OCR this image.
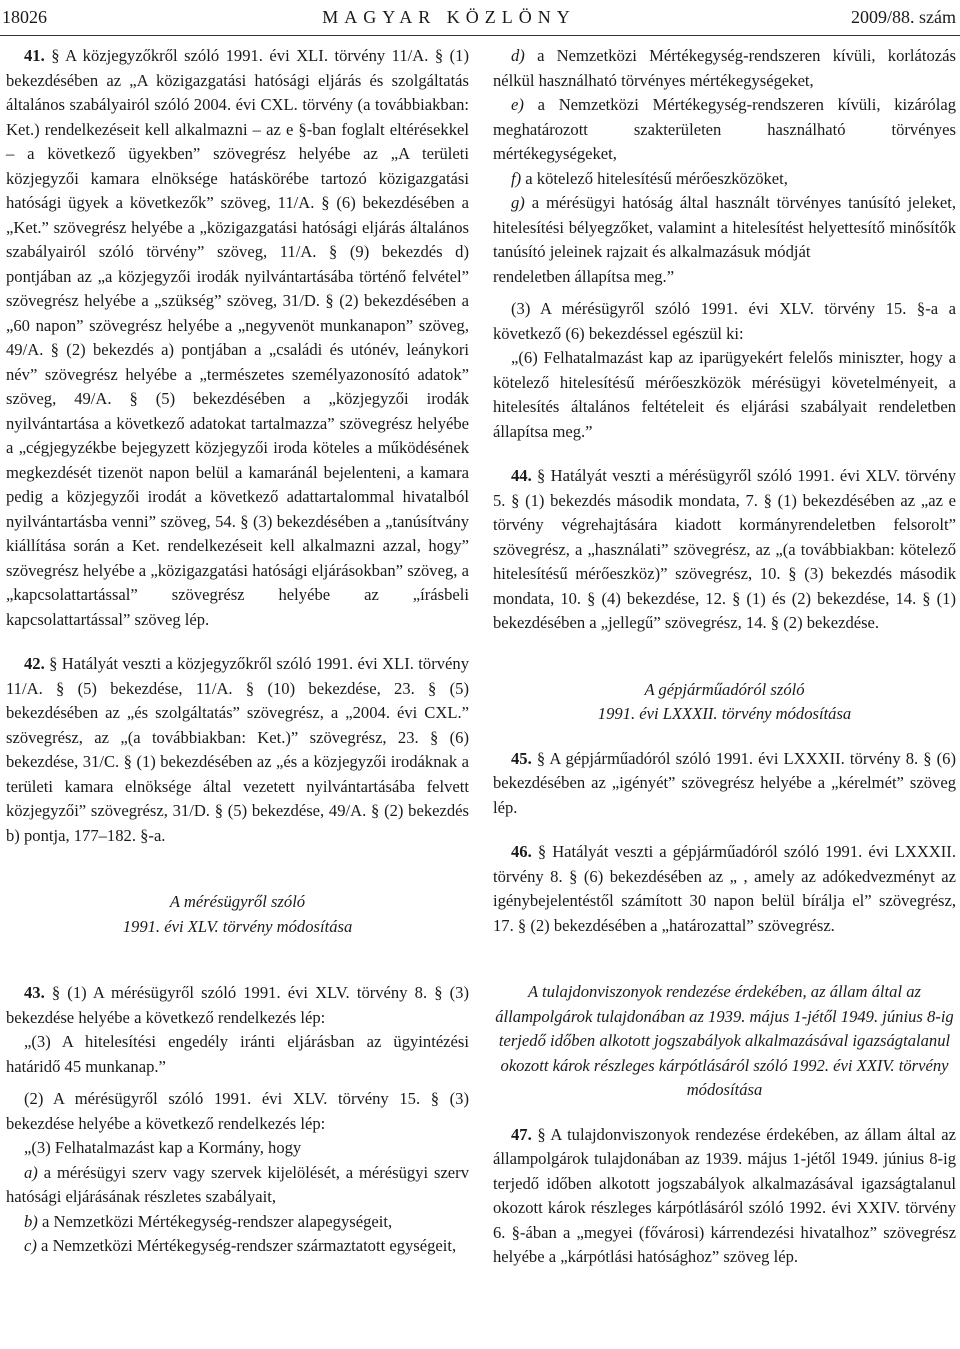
18026	MAGYAR KÖZLÖNY	2009/88. szám

41. § A közjegyzőkről szóló 1991. évi XLI. törvény 11/A. § (1) bekezdésében az „A közigazgatási hatósági eljárás és szolgáltatás általános szabályairól szóló 2004. évi CXL. törvény (a továbbiakban: Ket.) rendelkezéseit kell alkalmazni – az e §-ban foglalt eltérésekkel – a következő ügyekben” szövegrész helyébe az „A területi közjegyzői kamara elnöksége hatáskörébe tartozó közigazgatási hatósági ügyek a következők” szöveg, 11/A. § (6) bekezdésében a „Ket.” szövegrész helyébe a „közigazgatási hatósági eljárás általános szabályairól szóló törvény” szöveg, 11/A. § (9) bekezdés d) pontjában az „a közjegyzői irodák nyilvántartásába történő felvétel” szövegrész helyébe a „szükség” szöveg, 31/D. § (2) bekezdésében a „60 napon” szövegrész helyébe a „negyvenöt munkanapon” szöveg, 49/A. § (2) bekezdés a) pontjában a „családi és utónév, leánykori név” szövegrész helyébe a „természetes személyazonosító adatok” szöveg, 49/A. § (5) bekezdésében a „közjegyzői irodák nyilvántartása a következő adatokat tartalmazza” szövegrész helyébe a „cégjegyzékbe bejegyzett közjegyzői iroda köteles a működésének megkezdését tizenöt napon belül a kamaránál bejelenteni, a kamara pedig a közjegyzői irodát a következő adattartalommal hivatalból nyilvántartásba venni” szöveg, 54. § (3) bekezdésében a „tanúsítvány kiállítása során a Ket. rendelkezéseit kell alkalmazni azzal, hogy” szövegrész helyébe a „közigazgatási hatósági eljárásokban” szöveg, a „kapcsolattartással” szövegrész helyébe az „írásbeli kapcsolattartással” szöveg lép.

42. § Hatályát veszti a közjegyzőkről szóló 1991. évi XLI. törvény 11/A. § (5) bekezdése, 11/A. § (10) bekezdése, 23. § (5) bekezdésében az „és szolgáltatás” szövegrész, a „2004. évi CXL.” szövegrész, az „(a továbbiakban: Ket.)” szövegrész, 23. § (6) bekezdése, 31/C. § (1) bekezdésében az „és a közjegyzői irodáknak a területi kamara elnöksége által vezetett nyilvántartásába felvett közjegyzői” szövegrész, 31/D. § (5) bekezdése, 49/A. § (2) bekezdés b) pontja, 177–182. §-a.

A mérésügyről szóló

1991. évi XLV. törvény módosítása

43. § (1) A mérésügyről szóló 1991. évi XLV. törvény 8. § (3) bekezdése helyébe a következő rendelkezés lép:

„(3) A hitelesítési engedély iránti eljárásban az ügyintézési határidő 45 munkanap.”

(2) A mérésügyről szóló 1991. évi XLV. törvény 15. § (3) bekezdése helyébe a következő rendelkezés lép:

„(3) Felhatalmazást kap a Kormány, hogy

a) a mérésügyi szerv vagy szervek kijelölését, a mérésügyi szerv hatósági eljárásának részletes szabályait,

b) a Nemzetközi Mértékegység-rendszer alapegységeit,

c) a Nemzetközi Mértékegység-rendszer származtatott egységeit,

d) a Nemzetközi Mértékegység-rendszeren kívüli, korlátozás nélkül használható törvényes mértékegységeket,

e) a Nemzetközi Mértékegység-rendszeren kívüli, kizárólag meghatározott szakterületen használható törvényes mértékegységeket,

f) a kötelező hitelesítésű mérőeszközöket,

g) a mérésügyi hatóság által használt törvényes tanúsító jeleket, hitelesítési bélyegzőket, valamint a hitelesítést helyettesítő minősítők tanúsító jeleinek rajzait és alkalmazásuk módját

rendeletben állapítsa meg.”

(3) A mérésügyről szóló 1991. évi XLV. törvény 15. §-a a következő (6) bekezdéssel egészül ki:

„(6) Felhatalmazást kap az iparügyekért felelős miniszter, hogy a kötelező hitelesítésű mérőeszközök mérésügyi követelményeit, a hitelesítés általános feltételeit és eljárási szabályait rendeletben állapítsa meg.”

44. § Hatályát veszti a mérésügyről szóló 1991. évi XLV. törvény 5. § (1) bekezdés második mondata, 7. § (1) bekezdésében az „az e törvény végrehajtására kiadott kormányrendeletben felsorolt” szövegrész, a „használati” szövegrész, az „(a továbbiakban: kötelező hitelesítésű mérőeszköz)” szövegrész, 10. § (3) bekezdés második mondata, 10. § (4) bekezdése, 12. § (1) és (2) bekezdése, 14. § (1) bekezdésében a „jellegű” szövegrész, 14. § (2) bekezdése.

A gépjárműadóról szóló

1991. évi LXXXII. törvény módosítása

45. § A gépjárműadóról szóló 1991. évi LXXXII. törvény 8. § (6) bekezdésében az „igényét” szövegrész helyébe a „kérelmét” szöveg lép.

46. § Hatályát veszti a gépjárműadóról szóló 1991. évi LXXXII. törvény 8. § (6) bekezdésében az „ , amely az adókedvezményt az igénybejelentéstől számított 30 napon belül bírálja el” szövegrész, 17. § (2) bekezdésében a „határozattal” szövegrész.

A tulajdonviszonyok rendezése érdekében, az állam által az állampolgárok tulajdonában az 1939. május 1-jétől 1949. június 8-ig terjedő időben alkotott jogszabályok alkalmazásával igazságtalanul okozott károk részleges kárpótlásáról szóló 1992. évi XXIV. törvény módosítása

47. § A tulajdonviszonyok rendezése érdekében, az állam által az állampolgárok tulajdonában az 1939. május 1-jétől 1949. június 8-ig terjedő időben alkotott jogszabályok alkalmazásával igazságtalanul okozott károk részleges kárpótlásáról szóló 1992. évi XXIV. törvény 6. §-ában a „megyei (fővárosi) kárrendezési hivatalhoz” szövegrész helyébe a „kárpótlási hatósághoz” szöveg lép.
